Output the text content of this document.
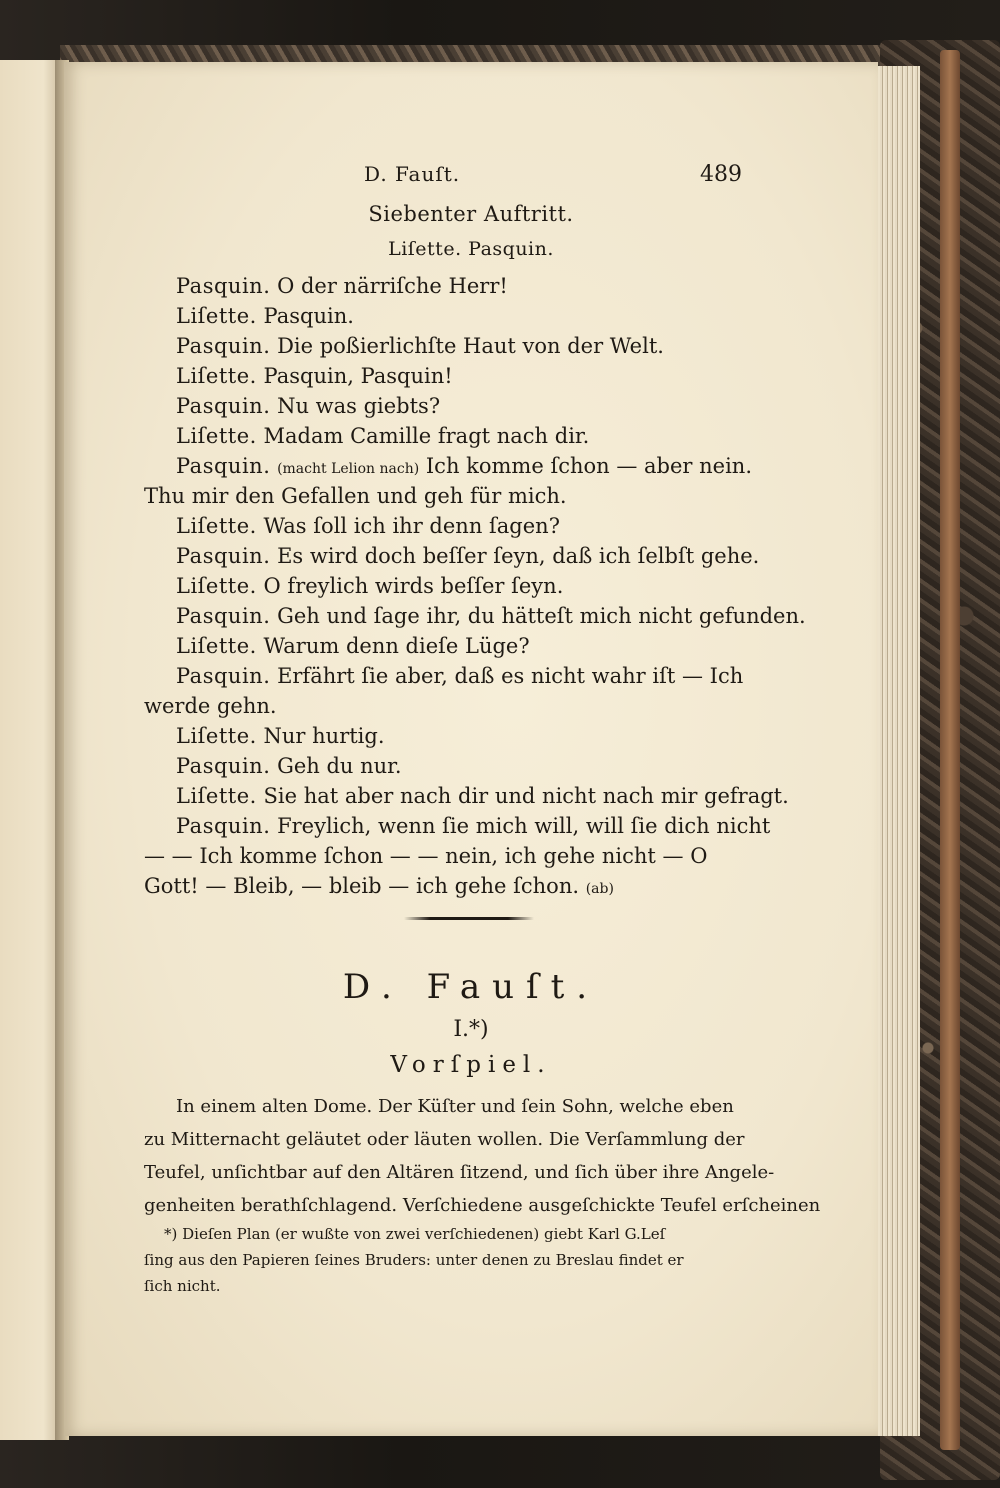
D. Fauſt.	489
Siebenter Auftritt.
Liſette. Pasquin.
Pasquin. O der närriſche Herr!
Liſette. Pasquin.
Pasquin. Die poßierlichſte Haut von der Welt.
Liſette. Pasquin, Pasquin!
Pasquin. Nu was giebts?
Liſette. Madam Camille fragt nach dir.
Pasquin. (macht Lelion nach) Ich komme ſchon — aber nein.
Thu mir den Gefallen und geh für mich.
Liſette. Was ſoll ich ihr denn ſagen?
Pasquin. Es wird doch beſſer ſeyn, daß ich ſelbſt gehe.
Liſette. O freylich wirds beſſer ſeyn.
Pasquin. Geh und ſage ihr, du hätteſt mich nicht gefunden.
Liſette. Warum denn dieſe Lüge?
Pasquin. Erfährt ſie aber, daß es nicht wahr iſt — Ich
werde gehn.
Liſette. Nur hurtig.
Pasquin. Geh du nur.
Liſette. Sie hat aber nach dir und nicht nach mir gefragt.
Pasquin. Freylich, wenn ſie mich will, will ſie dich nicht
— — Ich komme ſchon — — nein, ich gehe nicht — O
Gott! — Bleib, — bleib — ich gehe ſchon. (ab)
D. Fauſt.
I.*)
Vorſpiel.
In einem alten Dome. Der Küſter und ſein Sohn, welche eben
zu Mitternacht geläutet oder läuten wollen. Die Verſammlung der
Teufel, unſichtbar auf den Altären ſitzend, und ſich über ihre Angele-
genheiten berathſchlagend. Verſchiedene ausgeſchickte Teufel erſcheinen
*) Dieſen Plan (er wußte von zwei verſchiedenen) giebt Karl G.Leſ
ſing aus den Papieren ſeines Bruders: unter denen zu Breslau findet er
ſich nicht.
